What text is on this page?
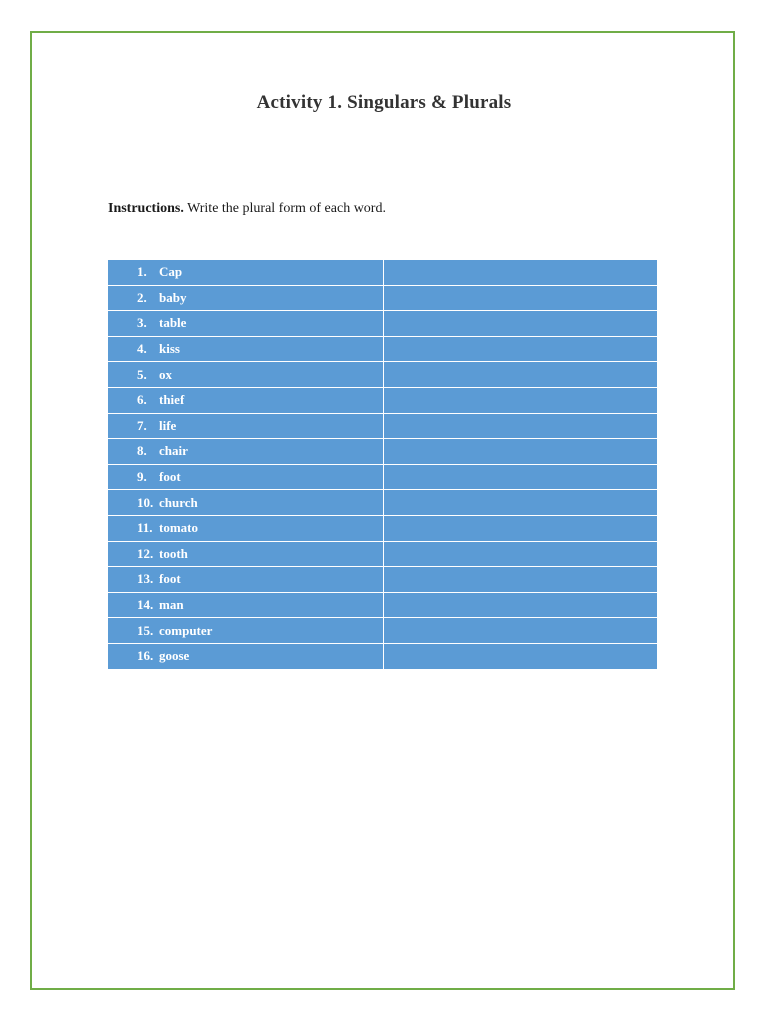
Activity 1. Singulars & Plurals
Instructions. Write the plural form of each word.
1. Cap	
2. baby	
3. table	
4. kiss	
5. ox	
6. thief	
7. life	
8. chair	
9. foot	
10. church	
11. tomato	
12. tooth	
13. foot	
14. man	
15. computer	
16. goose	
